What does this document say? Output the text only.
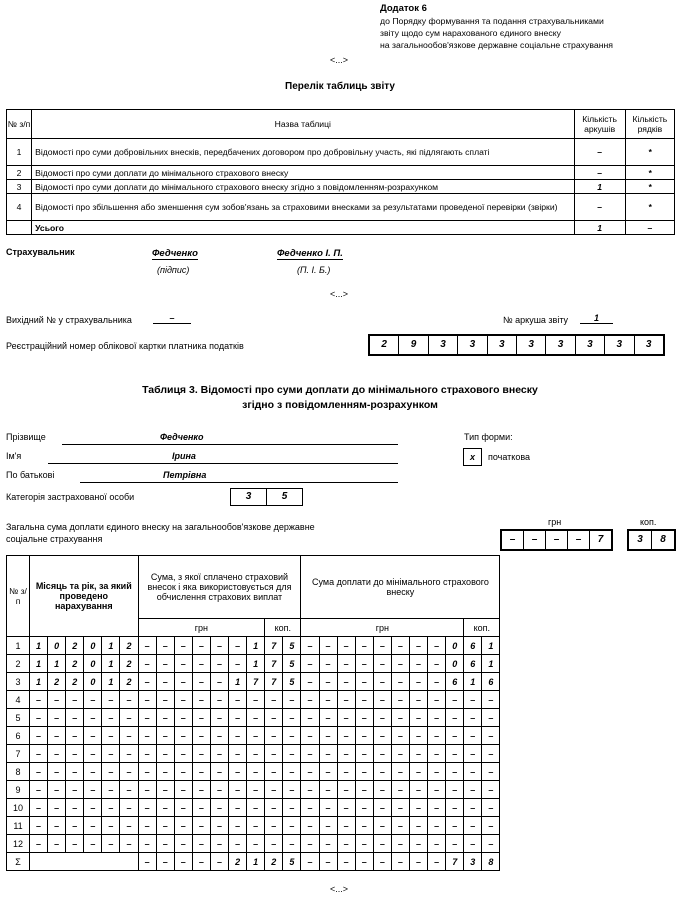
Додаток 6
до Порядку формування та подання страхувальниками
звіту щодо сум нарахованого єдиного внеску
на загальнообов'язкове державне соціальне страхування
<...>
Перелік таблиць звіту
№ з/п	Назва таблиці	Кількість аркушів	Кількість рядків
1	Відомості про суми добровільних внесків, передбачених договором про добровільну участь, які підлягають сплаті	–	*
2	Відомості про суми доплати до мінімального страхового внеску	–	*
3	Відомості про суми доплати до мінімального страхового внеску згідно з повідомленням-розрахунком	1	*
4	Відомості про збільшення або зменшення сум зобов'язань за страховими внесками за результатами проведеної перевірки (звірки)	–	*
	Усього	1	–
Страхувальник	Федченко
(підпис)
Федченко І. П.
(П. І. Б.)
<...>
Вихідний № у страхувальника	–	№ аркуша звіту	1
Реєстраційний номер облікової картки платника податків	2	9	3	3	3	3	3	3	3	3
Таблиця 3. Відомості про суми доплати до мінімального страхового внеску
згідно з повідомленням-розрахунком
Прізвище	Федченко
Ім'я	Ірина
По батькові	Петрівна
Тип форми:
x	початкова
Категорія застрахованої особи	3	5
Загальна сума доплати єдиного внеску на загальнообов'язкове державне
соціальне страхування
грн	коп.
–	–	–	–	7	3	8
№ з/п	Місяць та рік, за який проведено нарахування						Сума, з якої сплачено страховий внесок і яка використовується для обчислення страхових виплат									Сума доплати до мінімального страхового внеску										
							грн							коп.		грн									коп.	
1	1	0	2	0	1	2	–	–	–	–	–	–	1	7	5	–	–	–	–	–	–	–	–	0	6	1
2	1	1	2	0	1	2	–	–	–	–	–	–	1	7	5	–	–	–	–	–	–	–	–	0	6	1
3	1	2	2	0	1	2	–	–	–	–	–	1	7	7	5	–	–	–	–	–	–	–	–	6	1	6
4	–	–	–	–	–	–	–	–	–	–	–	–	–	–	–	–	–	–	–	–	–	–	–	–	–	–
5	–	–	–	–	–	–	–	–	–	–	–	–	–	–	–	–	–	–	–	–	–	–	–	–	–	–
6	–	–	–	–	–	–	–	–	–	–	–	–	–	–	–	–	–	–	–	–	–	–	–	–	–	–
7	–	–	–	–	–	–	–	–	–	–	–	–	–	–	–	–	–	–	–	–	–	–	–	–	–	–
8	–	–	–	–	–	–	–	–	–	–	–	–	–	–	–	–	–	–	–	–	–	–	–	–	–	–
9	–	–	–	–	–	–	–	–	–	–	–	–	–	–	–	–	–	–	–	–	–	–	–	–	–	–
10	–	–	–	–	–	–	–	–	–	–	–	–	–	–	–	–	–	–	–	–	–	–	–	–	–	–
11	–	–	–	–	–	–	–	–	–	–	–	–	–	–	–	–	–	–	–	–	–	–	–	–	–	–
12	–	–	–	–	–	–	–	–	–	–	–	–	–	–	–	–	–	–	–	–	–	–	–	–	–	–
Σ							–	–	–	–	–	2	1	2	5	–	–	–	–	–	–	–	–	7	3	8
<...>
